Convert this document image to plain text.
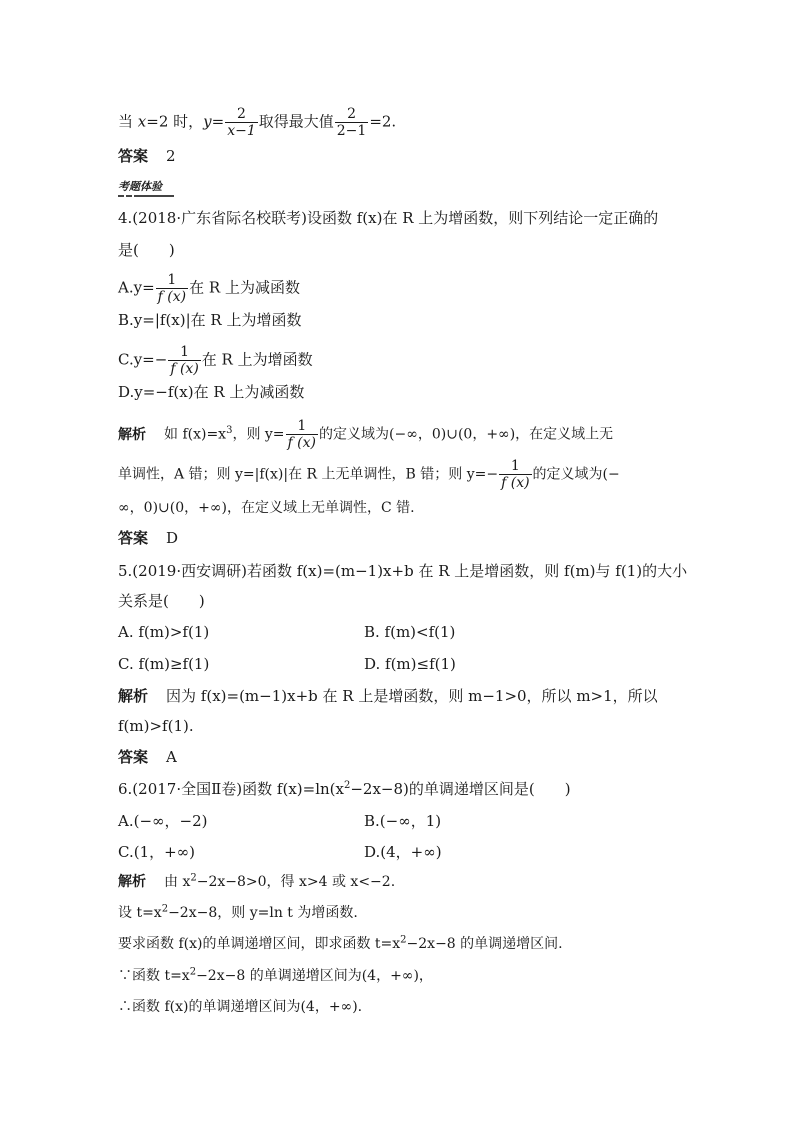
当 x=2 时，$y= \frac{2}{x-1}$ 取得最大值 $\frac{2}{2-1} =2$.
答案 2
考题体验
4.(2018·广东省际名校联考)设函数 f(x)在 R 上为增函数，则下列结论一定正确的
是(　　)
$A.y= \frac{1}{f (x)}$ 在 R 上为减函数
B.y=|f(x)|在 R 上为增函数
$C.y=- \frac{1}{f (x)}$ 在 R 上为增函数
D.y=−f(x)在 R 上为减函数
解析 如 $f(x)=x^3$，则 $y= \frac{1}{f (x)}$ 的定义域为(−∞，0)∪(0，+∞)，在定义域上无
单调性，A 错；则 y=|f(x)|在 R 上无单调性，B 错；则 $y=- \frac{1}{f (x)}$ 的定义域为(−
∞，0)∪(0，+∞)，在定义域上无单调性，C 错.
答案 D
5.(2019·西安调研)若函数 f(x)=(m−1)x+b 在 R 上是增函数，则 f(m)与 f(1)的大小
关系是(　　)
A. f(m)>f(1)	B. f(m)<f(1)
C. f(m)≥f(1)	D. f(m)≤f(1)
解析 因为 f(x)=(m−1)x+b 在 R 上是增函数，则 m−1>0，所以 m>1，所以
f(m)>f(1).
答案 A
6.(2017·全国Ⅱ卷)函数 $f(x)=\ln(x^2-2x-8)$的单调递增区间是(　　)
A.(−∞，−2)	B.(−∞，1)
C.(1，+∞)	D.(4，+∞)
解析 由 $x^2-2x-8>0$，得 x>4 或 x<−2.
设 $t=x^2-2x-8$，则 y=ln t 为增函数.
要求函数 f(x)的单调递增区间，即求函数 $t=x^2-2x-8$ 的单调递增区间.
∵函数 $t=x^2-2x-8$ 的单调递增区间为(4，+∞)，
∴函数 f(x)的单调递增区间为(4，+∞).
